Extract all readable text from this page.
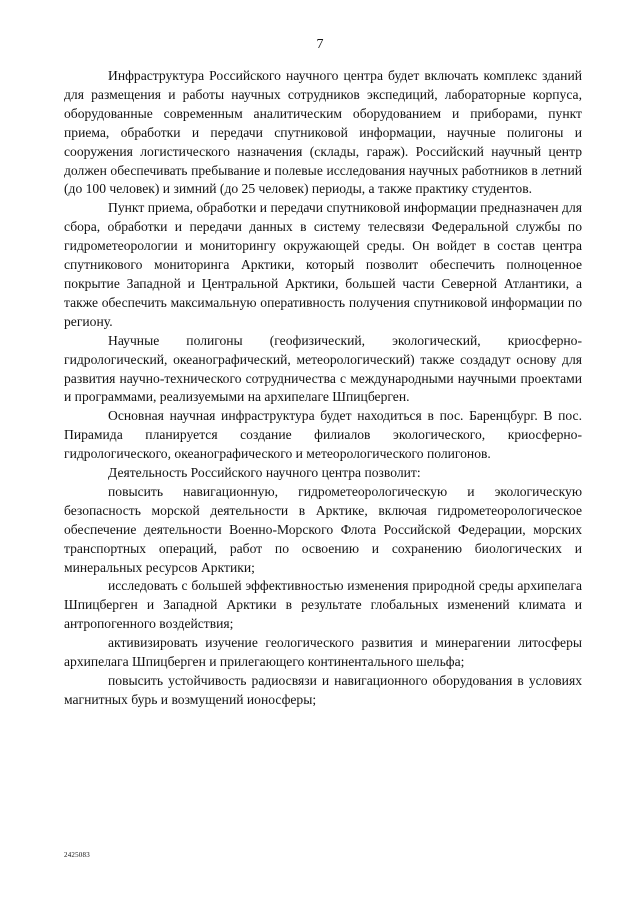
7

Инфраструктура Российского научного центра будет включать комплекс зданий для размещения и работы научных сотрудников экспедиций, лабораторные корпуса, оборудованные современным аналитическим оборудованием и приборами, пункт приема, обработки и передачи спутниковой информации, научные полигоны и сооружения логистического назначения (склады, гараж). Российский научный центр должен обеспечивать пребывание и полевые исследования научных работников в летний (до 100 человек) и зимний (до 25 человек) периоды, а также практику студентов.

Пункт приема, обработки и передачи спутниковой информации предназначен для сбора, обработки и передачи данных в систему телесвязи Федеральной службы по гидрометеорологии и мониторингу окружающей среды. Он войдет в состав центра спутникового мониторинга Арктики, который позволит обеспечить полноценное покрытие Западной и Центральной Арктики, большей части Северной Атлантики, а также обеспечить максимальную оперативность получения спутниковой информации по региону.

Научные полигоны (геофизический, экологический, криосферно-гидрологический, океанографический, метеорологический) также создадут основу для развития научно-технического сотрудничества с международными научными проектами и программами, реализуемыми на архипелаге Шпицберген.

Основная научная инфраструктура будет находиться в пос. Баренцбург. В пос. Пирамида планируется создание филиалов экологического, криосферно-гидрологического, океанографического и метеорологического полигонов.

Деятельность Российского научного центра позволит:

повысить навигационную, гидрометеорологическую и экологическую безопасность морской деятельности в Арктике, включая гидрометеорологическое обеспечение деятельности Военно-Морского Флота Российской Федерации, морских транспортных операций, работ по освоению и сохранению биологических и минеральных ресурсов Арктики;

исследовать с большей эффективностью изменения природной среды архипелага Шпицберген и Западной Арктики в результате глобальных изменений климата и антропогенного воздействия;

активизировать изучение геологического развития и минерагении литосферы архипелага Шпицберген и прилегающего континентального шельфа;

повысить устойчивость радиосвязи и навигационного оборудования в условиях магнитных бурь и возмущений ионосферы;

2425083
